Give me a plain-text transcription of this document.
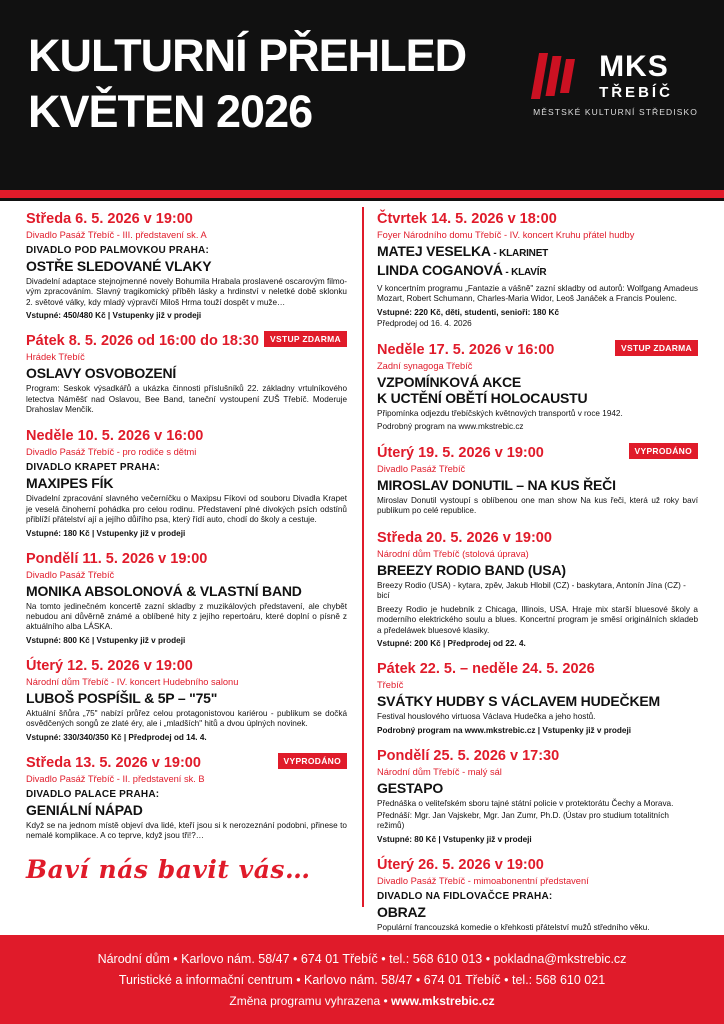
KULTURNÍ PŘEHLED
KVĚTEN 2026
MKS
TŘEBÍČ
MĚSTSKÉ KULTURNÍ STŘEDISKO
Středa 6. 5. 2026 v 19:00
Divadlo Pasáž Třebíč - III. představení sk. A
DIVADLO POD PALMOVKOU PRAHA:
OSTŘE SLEDOVANÉ VLAKY
Divadelní adaptace stejnojmenné novely Bohumila Hrabala proslavené oscarovým filmovým zpracováním. Slavný tragikomický příběh lásky a hrdinství v neletké době sklonku 2. světové války, kdy mladý výpravčí Miloš Hrma touží dospět v muže…
Vstupné: 450/480 Kč | Vstupenky již v prodeji
VSTUP ZDARMA
Pátek 8. 5. 2026 od 16:00 do 18:30
Hrádek Třebíč
OSLAVY OSVOBOZENÍ
Program: Seskok výsadkářů a ukázka činnosti příslušníků 22. základny vrtulníkového letectva Náměšť nad Oslavou, Bee Band, taneční vystoupení ZUŠ Třebíč. Moderuje Drahoslav Menčík.
Neděle 10. 5. 2026 v 16:00
Divadlo Pasáž Třebíč - pro rodiče s dětmi
DIVADLO KRAPET PRAHA:
MAXIPES FÍK
Divadelní zpracování slavného večerníčku o Maxipsu Fíkovi od souboru Divadla Krapet je veselá činoherní pohádka pro celou rodinu. Představení plné divokých psích odstínů přiblíží přátelství ají a jejího důiřího psa, který řídí auto, chodí do školy a cestuje.
Vstupné: 180 Kč | Vstupenky již v prodeji
Pondělí 11. 5. 2026 v 19:00
Divadlo Pasáž Třebíč
MONIKA ABSOLONOVÁ & VLASTNÍ BAND
Na tomto jedinečném koncertě zazní skladby z muzikálových představení, ale chybět nebudou ani důvěrně známé a oblíbené hity z jejího repertoáru, které doplní o písně z aktuálního alba LÁSKA.
Vstupné: 800 Kč | Vstupenky již v prodeji
Úterý 12. 5. 2026 v 19:00
Národní dům Třebíč - IV. koncert Hudebního salonu
LUBOŠ POSPÍŠIL & 5P – "75"
Aktuální šňůra „75" nabízí průřez celou protagonistovou kariérou - publikum se dočká osvědčených songů ze zlaté éry, ale i „mladších" hitů a dvou úplných novinek.
Vstupné: 330/340/350 Kč | Předprodej od 14. 4.
VYPRODÁNO
Středa 13. 5. 2026 v 19:00
Divadlo Pasáž Třebíč - II. představení sk. B
DIVADLO PALACE PRAHA:
GENIÁLNÍ NÁPAD
Když se na jednom místě objeví dva lidé, kteří jsou si k nerozeznání podobni, přinese to nemalé komplikace. A co teprve, když jsou tři!?…
Baví nás bavit vás…
Čtvrtek 14. 5. 2026 v 18:00
Foyer Národního domu Třebíč - IV. koncert Kruhu přátel hudby
MATEJ VESELKA - KLARINET
LINDA COGANOVÁ - KLAVÍR
V koncertním programu „Fantazie a vášně" zazní skladby od autorů: Wolfgang Amadeus Mozart, Robert Schumann, Charles-Maria Widor, Leoš Janáček a Francis Poulenc.
Vstupné: 220 Kč, děti, studenti, senioři: 180 Kč
Předprodej od 16. 4. 2026
VSTUP ZDARMA
Neděle 17. 5. 2026 v 16:00
Zadní synagoga Třebíč
VZPOMÍNKOVÁ AKCE
K UCTĚNÍ OBĚTÍ HOLOCAUSTU
Připomínka odjezdu třebíčských květnových transportů v roce 1942.
Podrobný program na www.mkstrebic.cz
VYPRODÁNO
Úterý 19. 5. 2026 v 19:00
Divadlo Pasáž Třebíč
MIROSLAV DONUTIL – NA KUS ŘEČI
Miroslav Donutil vystoupí s oblíbenou one man show Na kus řeči, která už roky baví publikum po celé republice.
Středa 20. 5. 2026 v 19:00
Národní dům Třebíč (stolová úprava)
BREEZY RODIO BAND (USA)
Breezy Rodio (USA) - kytara, zpěv, Jakub Hlobil (CZ) - baskytara, Antonín Jína (CZ) - bicí
Breezy Rodio je hudebník z Chicaga, Illinois, USA. Hraje mix starší bluesové školy a moderního elektrického soulu a blues. Koncertní program je směsí originálních skladeb a předeláwek bluesové klasiky.
Vstupné: 200 Kč | Předprodej od 22. 4.
Pátek 22. 5. – neděle 24. 5. 2026
Třebíč
SVÁTKY HUDBY S VÁCLAVEM HUDEČKEM
Festival houslového virtuosa Václava Hudečka a jeho hostů.
Podrobný program na www.mkstrebic.cz | Vstupenky již v prodeji
Pondělí 25. 5. 2026 v 17:30
Národní dům Třebíč - malý sál
GESTAPO
Přednáška o veliteľském sboru tajné státní policie v protektorátu Čechy a Morava.
Přednáší: Mgr. Jan Vajskebr, Mgr. Jan Zumr, Ph.D. (Ústav pro studium totalitních režimů)
Vstupné: 80 Kč | Vstupenky již v prodeji
Úterý 26. 5. 2026 v 19:00
Divadlo Pasáž Třebíč - mimoabonentní představení
DIVADLO NA FIDLOVAČCE PRAHA:
OBRAZ
Populární francouzská komedie o křehkosti přátelství mužů středního věku.
Národní dům • Karlovo nám. 58/47 • 674 01 Třebíč • tel.: 568 610 013 • pokladna@mkstrebic.cz
Turistické a informační centrum • Karlovo nám. 58/47 • 674 01 Třebíč • tel.: 568 610 021
Změna programu vyhrazena • www.mkstrebic.cz
